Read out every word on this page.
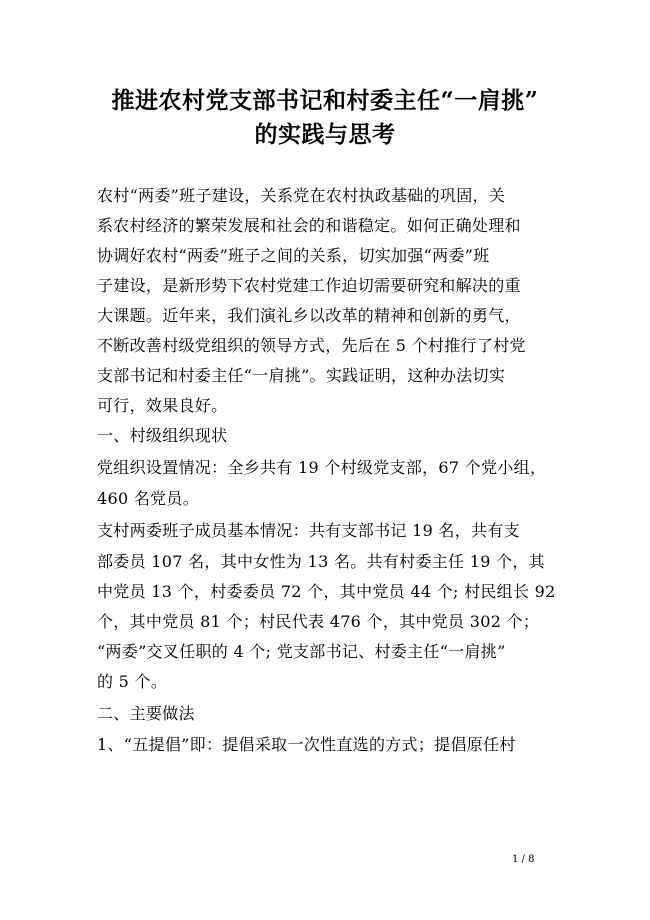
推进农村党支部书记和村委主任“一肩挑”
的实践与思考
农村“两委”班子建设，关系党在农村执政基础的巩固，关
系农村经济的繁荣发展和社会的和谐稳定。如何正确处理和
协调好农村“两委”班子之间的关系，切实加强“两委”班
子建设，是新形势下农村党建工作迫切需要研究和解决的重
大课题。近年来，我们演礼乡以改革的精神和创新的勇气，
不断改善村级党组织的领导方式，先后在 5 个村推行了村党
支部书记和村委主任“一肩挑”。实践证明，这种办法切实
可行，效果良好。
一、村级组织现状
党组织设置情况：全乡共有 19 个村级党支部，67 个党小组，
460 名党员。
支村两委班子成员基本情况：共有支部书记 19 名，共有支
部委员 107 名，其中女性为 13 名。共有村委主任 19 个，其
中党员 13 个，村委委员 72 个，其中党员 44 个; 村民组长 92
个，其中党员 81 个；村民代表 476 个，其中党员 302 个；
“两委”交叉任职的 4 个; 党支部书记、村委主任“一肩挑”
的 5 个。
二、主要做法
1、“五提倡”即：提倡采取一次性直选的方式；提倡原任村
1 / 8
